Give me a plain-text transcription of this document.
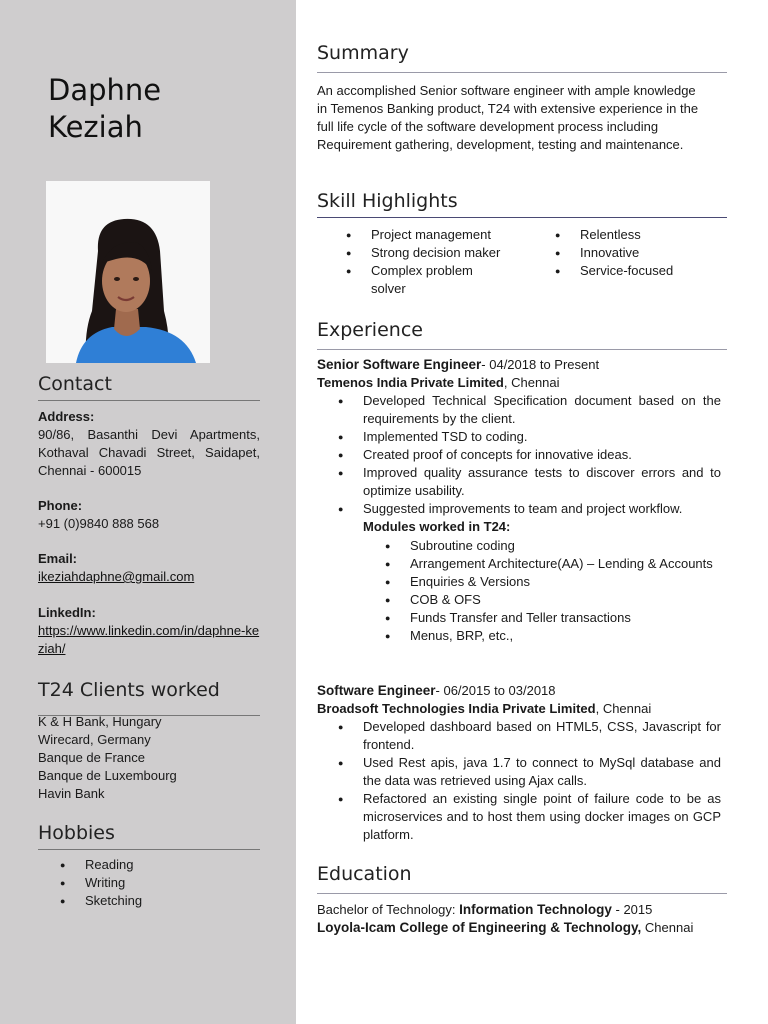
Daphne
Keziah
Contact
Address:
90/86, Basanthi Devi Apartments, Kothaval Chavadi Street, Saidapet, Chennai - 600015
Phone:
+91 (0)9840 888 568
Email:
ikeziahdaphne@gmail.com
LinkedIn:
https://www.linkedin.com/in/daphne-keziah/
T24 Clients worked
K & H Bank, Hungary
Wirecard, Germany
Banque de France
Banque de Luxembourg
Havin Bank
Hobbies
● Reading
● Writing
● Sketching
Summary

An accomplished Senior software engineer with ample knowledge in Temenos Banking product, T24 with extensive experience in the full life cycle of the software development process including Requirement gathering, development, testing and maintenance.

Skill Highlights
● Project management
● Strong decision maker
● Complex problem solver
● Relentless
● Innovative
● Service-focused
Experience
Senior Software Engineer- 04/2018 to Present
Temenos India Private Limited, Chennai
● Developed Technical Specification document based on the requirements by the client.
● Implemented TSD to coding.
● Created proof of concepts for innovative ideas.
● Improved quality assurance tests to discover errors and to optimize usability.
● Suggested improvements to team and project workflow.
Modules worked in T24:
● Subroutine coding
● Arrangement Architecture(AA) – Lending & Accounts
● Enquiries & Versions
● COB & OFS
● Funds Transfer and Teller transactions
● Menus, BRP, etc.,
Software Engineer- 06/2015 to 03/2018
Broadsoft Technologies India Private Limited, Chennai
● Developed dashboard based on HTML5, CSS, Javascript for frontend.
● Used Rest apis, java 1.7 to connect to MySql database and the data was retrieved using Ajax calls.
● Refactored an existing single point of failure code to be as microservices and to host them using docker images on GCP platform.
Education
Bachelor of Technology: Information Technology - 2015
Loyola-Icam College of Engineering & Technology, Chennai
